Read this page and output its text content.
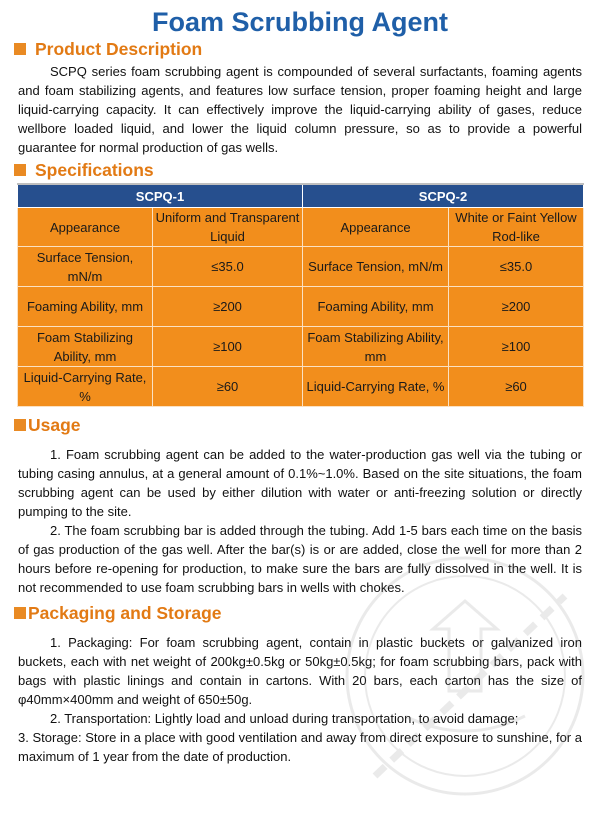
Foam Scrubbing Agent
Product Description

SCPQ series foam scrubbing agent is compounded of several surfactants, foaming agents and foam stabilizing agents, and features low surface tension, proper foaming height and large liquid-carrying capacity. It can effectively improve the liquid-carrying ability of gases, reduce wellbore loaded liquid, and lower the liquid column pressure, so as to provide a powerful guarantee for normal production of gas wells.

Specifications
SCPQ-1		SCPQ-2	
Appearance	Uniform and Transparent Liquid	Appearance	White or Faint Yellow Rod-like
Surface Tension, mN/m	≤35.0	Surface Tension, mN/m	≤35.0
Foaming Ability, mm	≥200	Foaming Ability, mm	≥200
Foam Stabilizing Ability, mm	≥100	Foam Stabilizing Ability, mm	≥100
Liquid-Carrying Rate, %	≥60	Liquid-Carrying Rate, %	≥60
Usage

1. Foam scrubbing agent can be added to the water-production gas well via the tubing or tubing casing annulus, at a general amount of 0.1%~1.0%. Based on the site situations, the foam scrubbing agent can be used by either dilution with water or anti-freezing solution or directly pumping to the site.

2. The foam scrubbing bar is added through the tubing. Add 1-5 bars each time on the basis of gas production of the gas well. After the bar(s) is or are added, close the well for more than 2 hours before re-opening for production, to make sure the bars are fully dissolved in the well. It is not recommended to use foam scrubbing bars in wells with chokes.

Packaging and Storage

1. Packaging: For foam scrubbing agent, contain in plastic buckets or galvanized iron buckets, each with net weight of 200kg±0.5kg or 50kg±0.5kg; for foam scrubbing bars, pack with bags with plastic linings and contain in cartons. With 20 bars, each carton has the size of φ40mm×400mm and weight of 650±50g.

2. Transportation: Lightly load and unload during transportation, to avoid damage;

3. Storage: Store in a place with good ventilation and away from direct exposure to sunshine, for a maximum of 1 year from the date of production.
